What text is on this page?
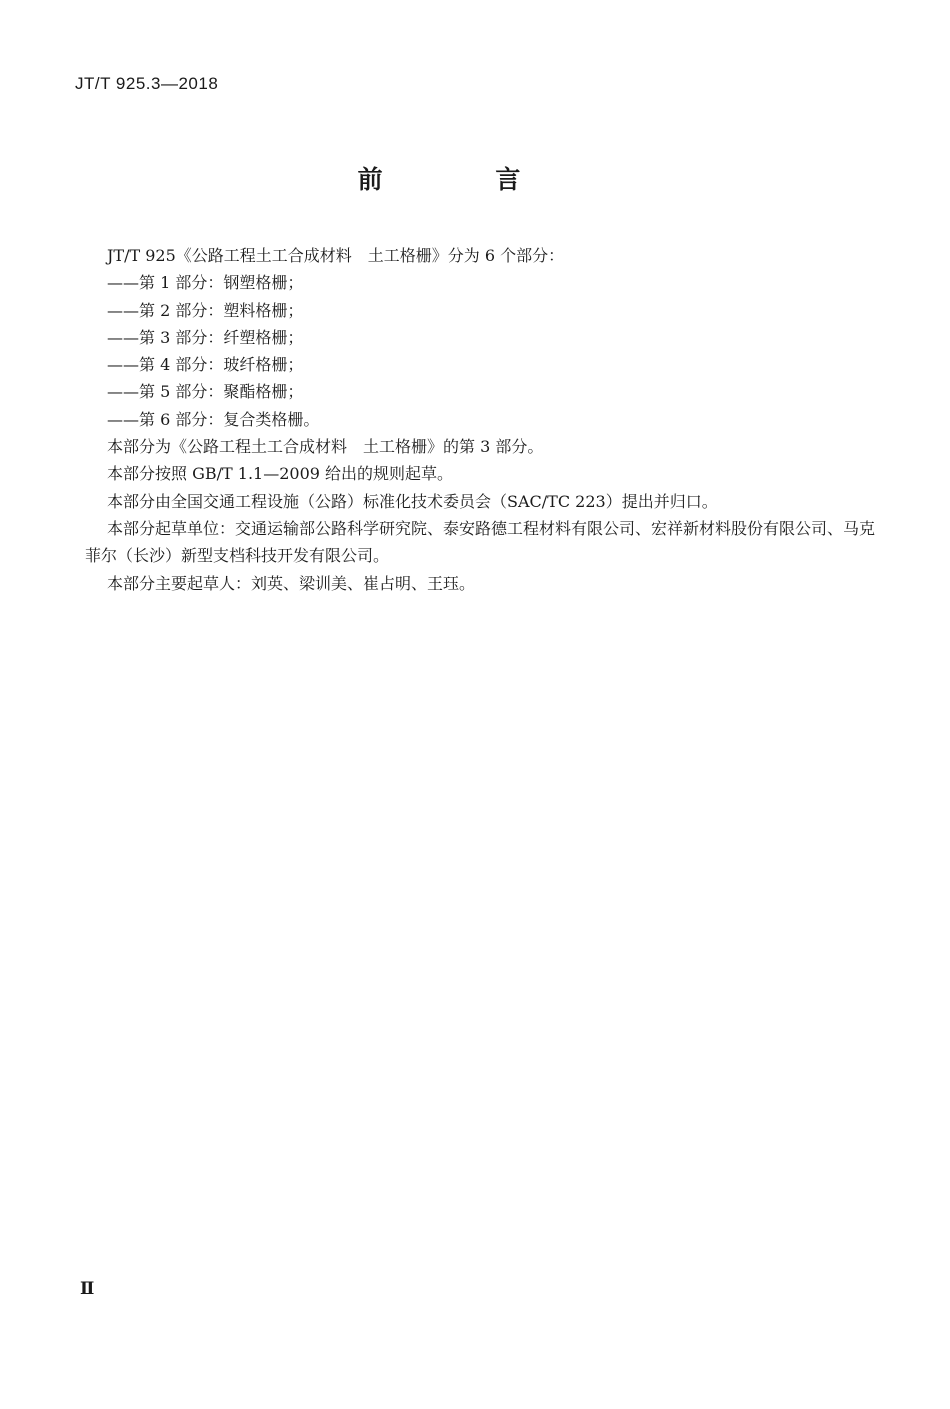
JT/T 925.3—2018
前 言
JT/T 925《公路工程土工合成材料　土工格栅》分为 6 个部分：
——第 1 部分：钢塑格栅；
——第 2 部分：塑料格栅；
——第 3 部分：纤塑格栅；
——第 4 部分：玻纤格栅；
——第 5 部分：聚酯格栅；
——第 6 部分：复合类格栅。
本部分为《公路工程土工合成材料　土工格栅》的第 3 部分。
本部分按照 GB/T 1.1—2009 给出的规则起草。
本部分由全国交通工程设施（公路）标准化技术委员会（SAC/TC 223）提出并归口。
本部分起草单位：交通运输部公路科学研究院、泰安路德工程材料有限公司、宏祥新材料股份有限公司、马克菲尔（长沙）新型支档科技开发有限公司。
本部分主要起草人：刘英、梁训美、崔占明、王珏。
Ⅱ
